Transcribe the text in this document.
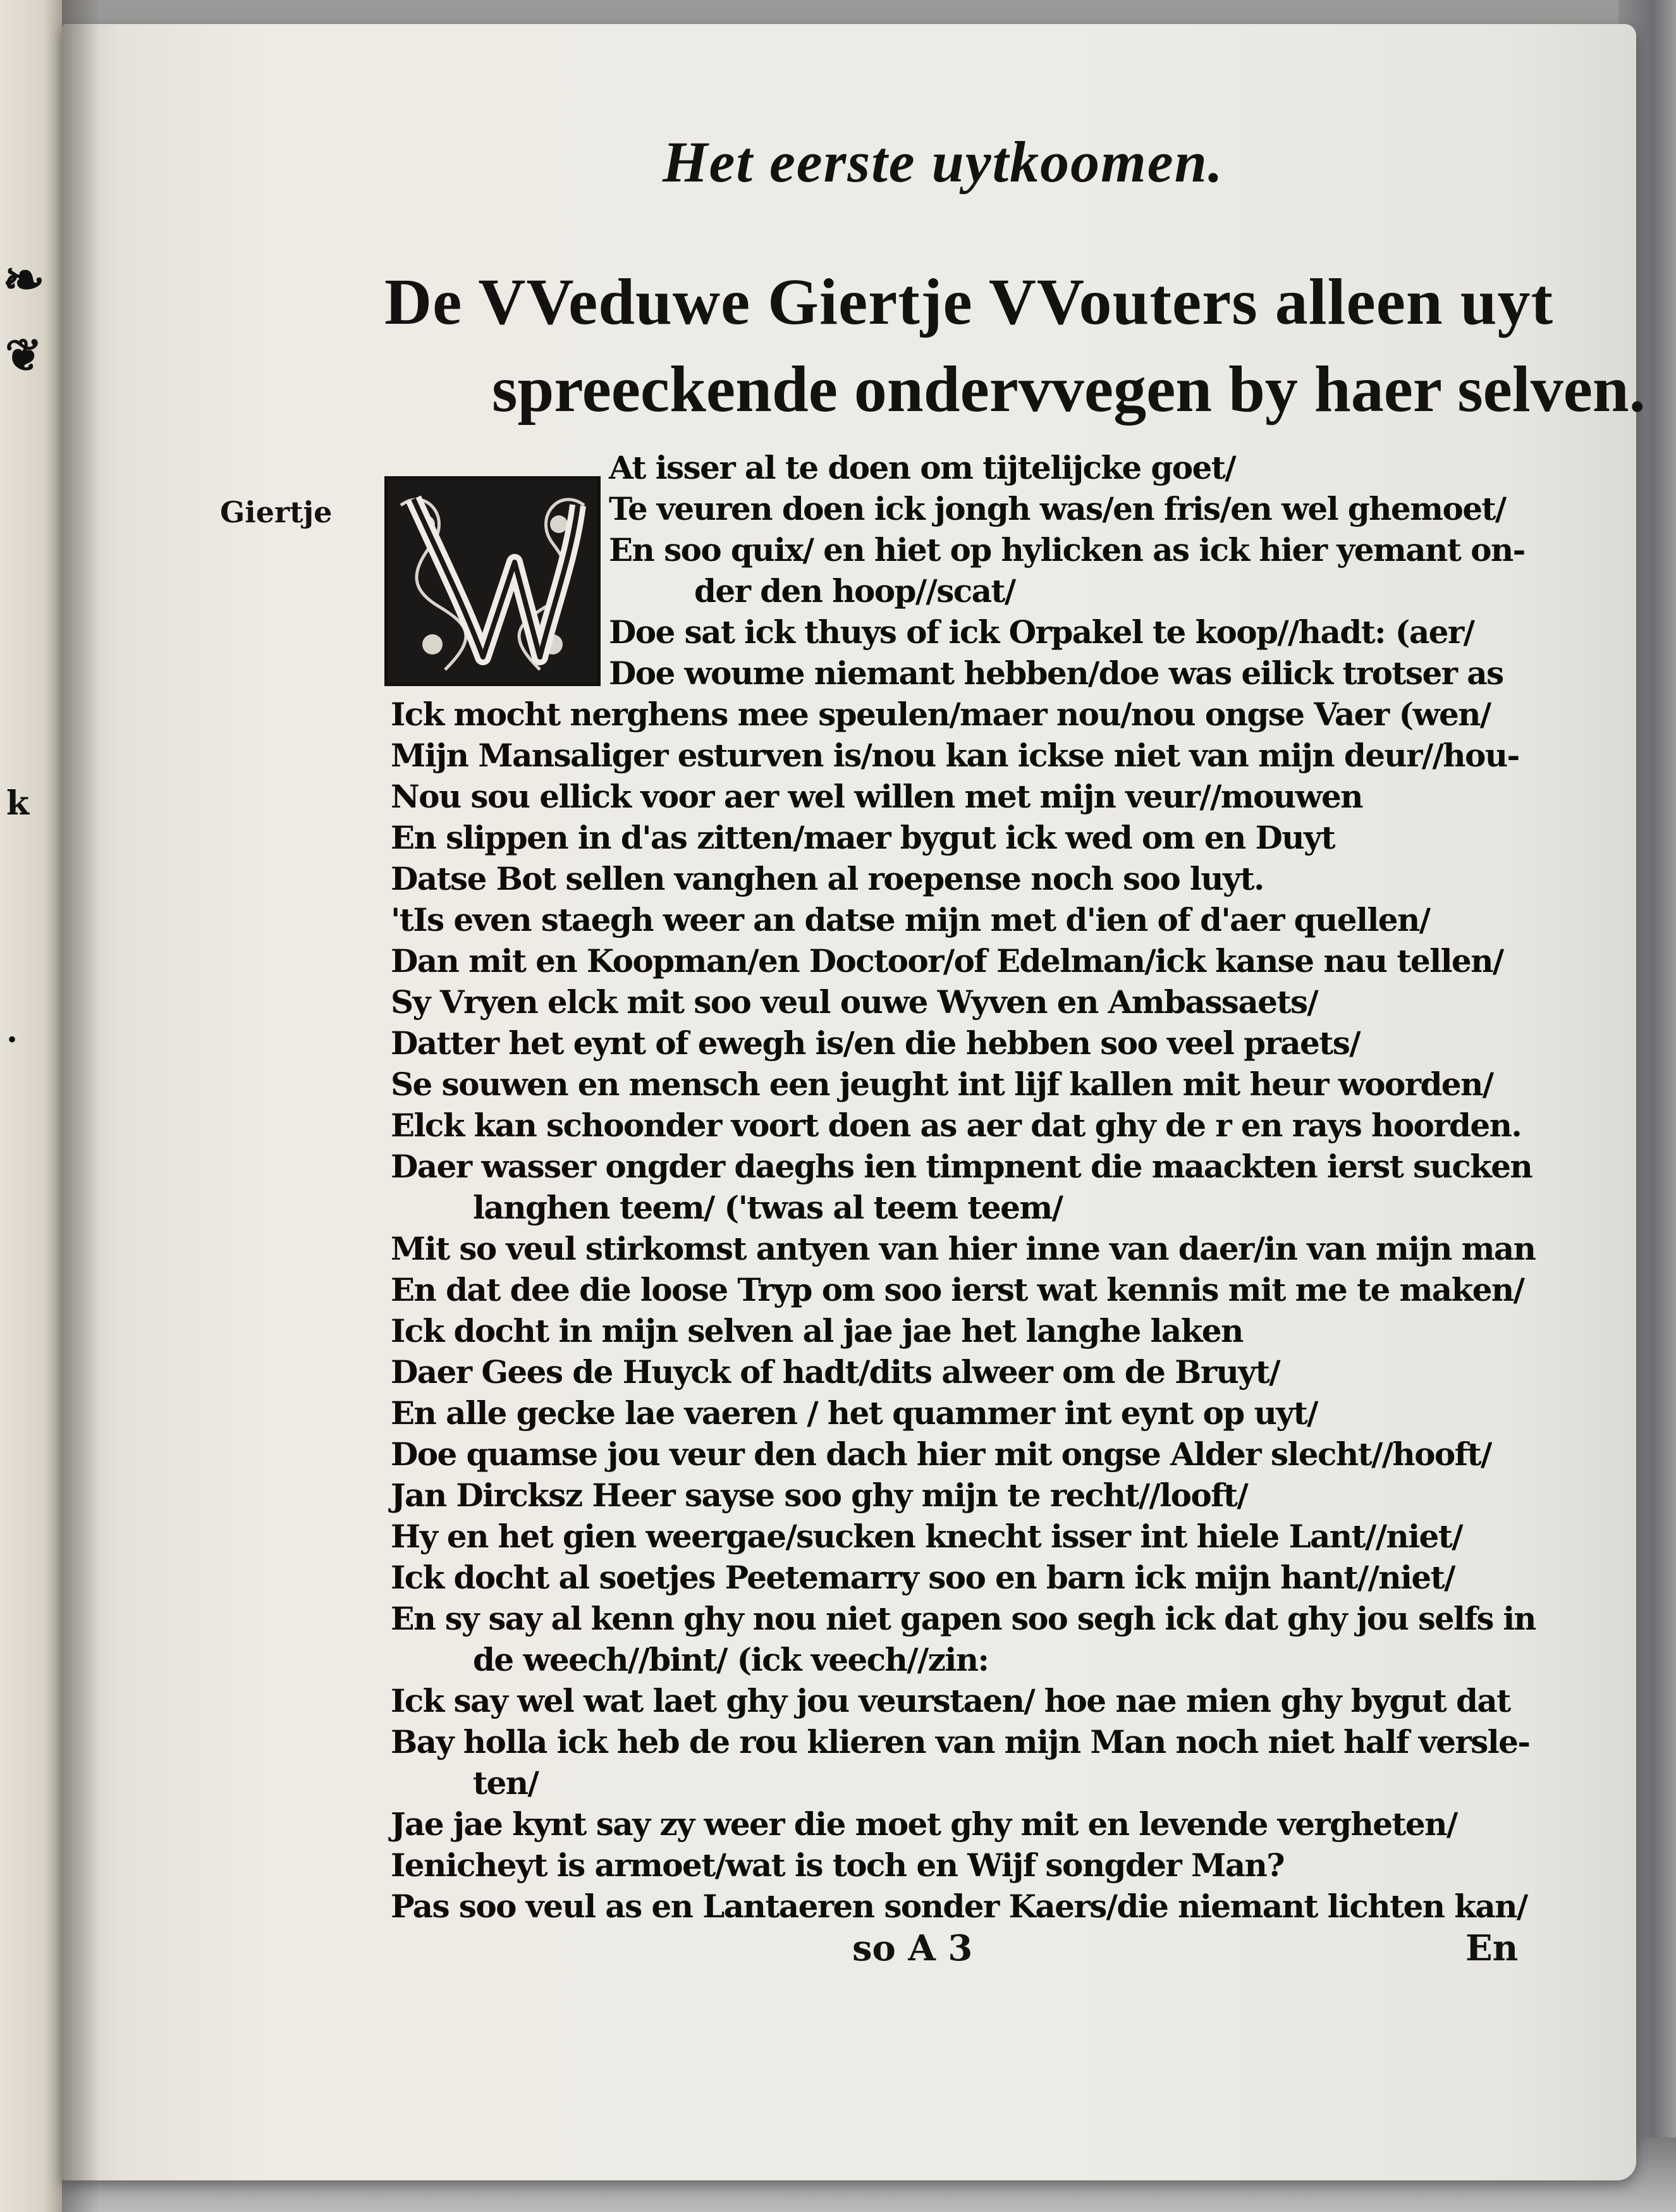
❧
❦
k
.
Het eerste uytkoomen.
De VVeduwe Giertje VVouters alleen uyt
spreeckende ondervvegen by haer selven.

Giertje W
At isser al te doen om tijtelijcke goet/
Te veuren doen ick jongh was/en fris/en wel ghemoet/
En soo quix/ en hiet op hylicken as ick hier yemant on-
der den hoop//scat/
Doe sat ick thuys of ick Orpakel te koop//hadt: (aer/
Doe woume niemant hebben/doe was eilick trotser as
Ick mocht nerghens mee speulen/maer nou/nou ongse Vaer (wen/
Mijn Mansaliger esturven is/nou kan ickse niet van mijn deur//hou-
Nou sou ellick voor aer wel willen met mijn veur//mouwen
En slippen in d'as zitten/maer bygut ick wed om en Duyt
Datse Bot sellen vanghen al roepense noch soo luyt.
'tIs even staegh weer an datse mijn met d'ien of d'aer quellen/
Dan mit en Koopman/en Doctoor/of Edelman/ick kanse nau tellen/
Sy Vryen elck mit soo veul ouwe Wyven en Ambassaets/
Datter het eynt of ewegh is/en die hebben soo veel praets/
Se souwen en mensch een jeught int lijf kallen mit heur woorden/
Elck kan schoonder voort doen as aer dat ghy de r en rays hoorden.
Daer wasser ongder daeghs ien timpnent die maackten ierst sucken
langhen teem/ ('twas al teem teem/
Mit so veul stirkomst antyen van hier inne van daer/in van mijn man
En dat dee die loose Tryp om soo ierst wat kennis mit me te maken/
Ick docht in mijn selven al jae jae het langhe laken
Daer Gees de Huyck of hadt/dits alweer om de Bruyt/
En alle gecke lae vaeren / het quammer int eynt op uyt/
Doe quamse jou veur den dach hier mit ongse Alder slecht//hooft/
Jan Dircksz Heer saysе soo ghy mijn te recht//looft/
Hy en het gien weergae/sucken knecht isser int hiele Lant//niet/
Ick docht al soetjes Peetemarry soo en barn ick mijn hant//niet/
En sy say al kenn ghy nou niet gapen soo segh ick dat ghy jou selfs in
de weech//bint/ (ick veech//zin:
Ick say wel wat laet ghy jou veurstaen/ hoe nae mien ghy bygut dat
Bay holla ick heb de rou klieren van mijn Man noch niet half versle-
ten/
Jae jae kynt say zy weer die moet ghy mit en levende verghеten/
Ienicheyt is armoet/wat is toch en Wijf songder Man?
Pas soo veul as en Lantaeren sonder Kaers/die niemant lichten kan/
so A 3	En
